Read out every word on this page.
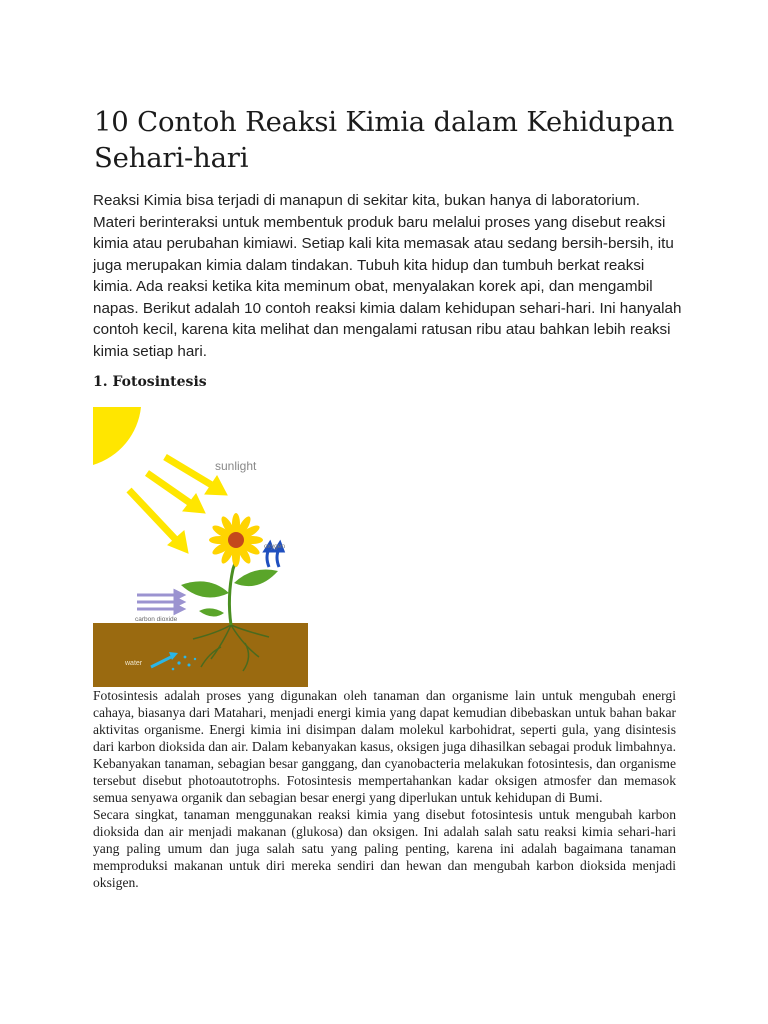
10 Contoh Reaksi Kimia dalam Kehidupan Sehari-hari

Reaksi Kimia bisa terjadi di manapun di sekitar kita, bukan hanya di laboratorium. Materi berinteraksi untuk membentuk produk baru melalui proses yang disebut reaksi kimia atau perubahan kimiawi. Setiap kali kita memasak atau sedang bersih-bersih, itu juga merupakan kimia dalam tindakan. Tubuh kita hidup dan tumbuh berkat reaksi kimia. Ada reaksi ketika kita meminum obat, menyalakan korek api, dan mengambil napas. Berikut adalah 10 contoh reaksi kimia dalam kehidupan sehari-hari. Ini hanyalah contoh kecil, karena kita melihat dan mengalami ratusan ribu atau bahkan lebih reaksi kimia setiap hari.

1. Fotosintesis
sunlight
oxygen
carbon dioxide
water

Fotosintesis adalah proses yang digunakan oleh tanaman dan organisme lain untuk mengubah energi cahaya, biasanya dari Matahari, menjadi energi kimia yang dapat kemudian dibebaskan untuk bahan bakar aktivitas organisme. Energi kimia ini disimpan dalam molekul karbohidrat, seperti gula, yang disintesis dari karbon dioksida dan air. Dalam kebanyakan kasus, oksigen juga dihasilkan sebagai produk limbahnya. Kebanyakan tanaman, sebagian besar ganggang, dan cyanobacteria melakukan fotosintesis, dan organisme tersebut disebut photoautotrophs. Fotosintesis mempertahankan kadar oksigen atmosfer dan memasok semua senyawa organik dan sebagian besar energi yang diperlukan untuk kehidupan di Bumi.

Secara singkat, tanaman menggunakan reaksi kimia yang disebut fotosintesis untuk mengubah karbon dioksida dan air menjadi makanan (glukosa) dan oksigen. Ini adalah salah satu reaksi kimia sehari-hari yang paling umum dan juga salah satu yang paling penting, karena ini adalah bagaimana tanaman memproduksi makanan untuk diri mereka sendiri dan hewan dan mengubah karbon dioksida menjadi oksigen.
